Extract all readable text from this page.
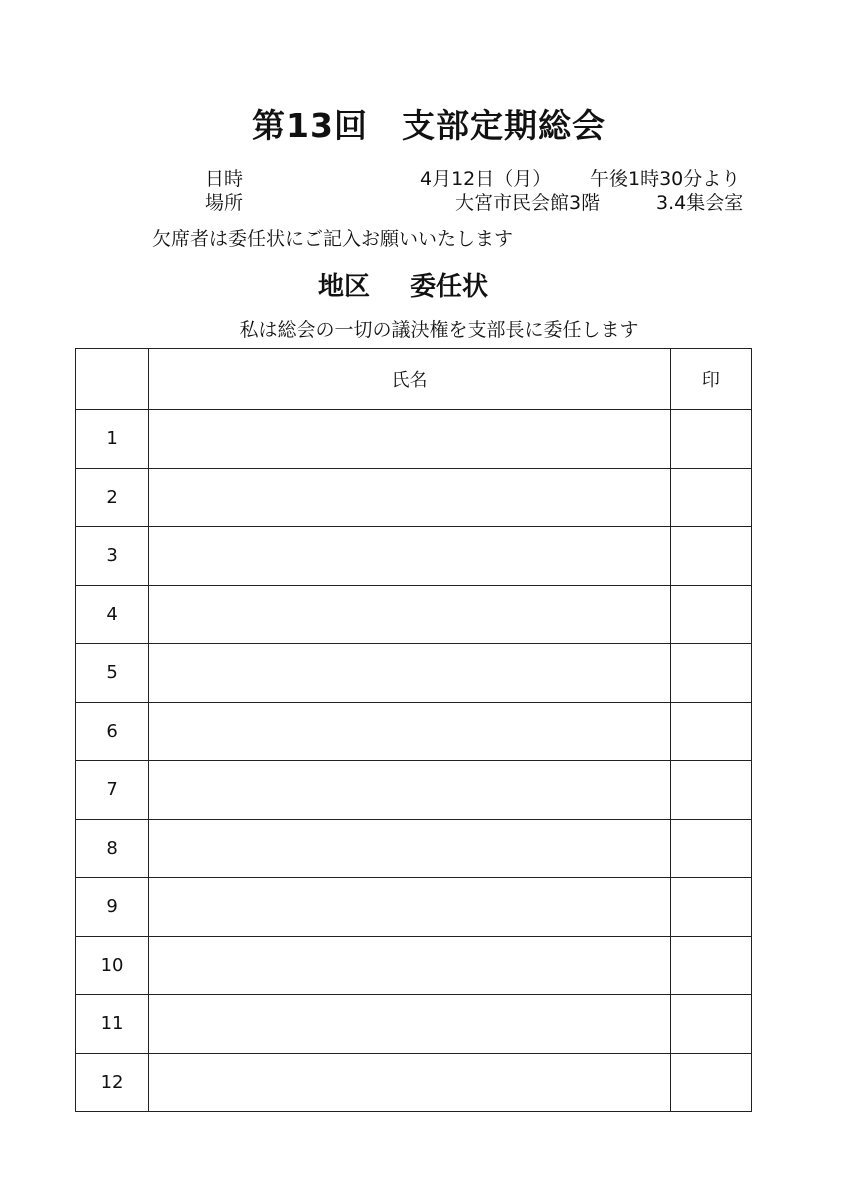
第13回　支部定期総会
日時	4月12日（月） 午後1時30分より
場所	大宮市民会館3階	3.4集会室
欠席者は委任状にご記入お願いいたします
地区 委任状
私は総会の一切の議決権を支部長に委任します
	氏名	印
1		
2		
3		
4		
5		
6		
7		
8		
9		
10		
11		
12		
